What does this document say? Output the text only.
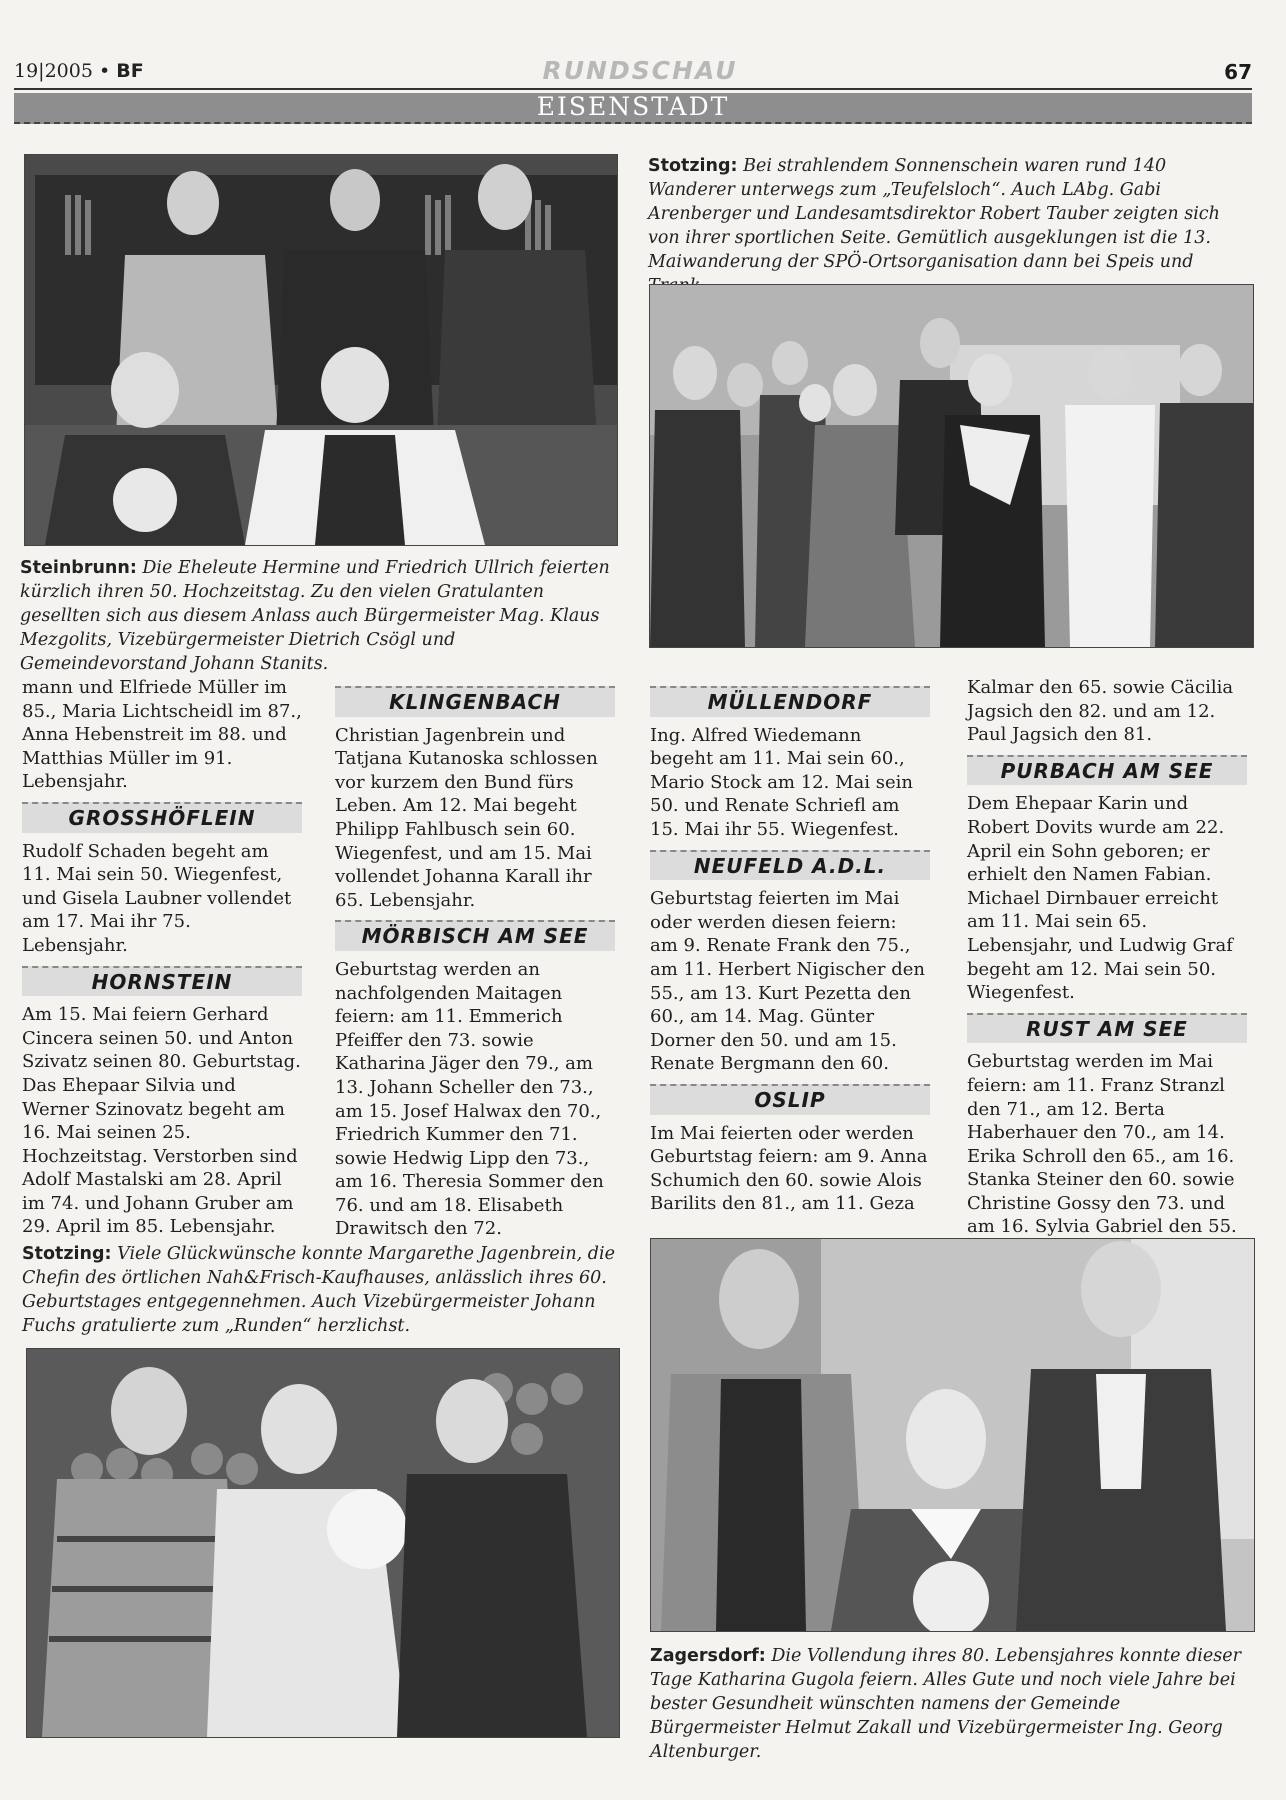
19|2005 • BF	RUNDSCHAU	67
EISENSTADT
Steinbrunn: Die Eheleute Hermine und Friedrich Ullrich feierten kürzlich ihren 50. Hochzeitstag. Zu den vielen Gratulanten gesellten sich aus diesem Anlass auch Bürgermeister Mag. Klaus Mezgolits, Vizebürgermeister Dietrich Csögl und Gemeindevorstand Johann Stanits.
Stotzing: Bei strahlendem Sonnenschein waren rund 140 Wanderer unterwegs zum „Teufelsloch“. Auch LAbg. Gabi Arenberger und Landesamtsdirektor Robert Tauber zeigten sich von ihrer sportlichen Seite. Gemütlich ausgeklungen ist die 13. Maiwanderung der SPÖ-Ortsorganisation dann bei Speis und

mann und Elfriede Müller im 85., Maria Lichtscheidl im 87., Anna Hebenstreit im 88. und Matthias Müller im 91. Lebensjahr.

GROSSHÖFLEIN

Rudolf Schaden begeht am 11. Mai sein 50. Wiegenfest, und Gisela Laubner vollendet am 17. Mai ihr 75. Lebensjahr.

HORNSTEIN

Am 15. Mai feiern Gerhard Cincera seinen 50. und Anton Szivatz seinen 80. Geburtstag. Das Ehepaar Silvia und Werner Szinovatz begeht am 16. Mai seinen 25. Hochzeitstag. Verstorben sind Adolf Mastalski am 28. April im 74. und Johann Gruber am 29. April im 85. Lebensjahr.

KLINGENBACH

Christian Jagenbrein und Tatjana Kutanoska schlossen vor kurzem den Bund fürs Leben. Am 12. Mai begeht Philipp Fahlbusch sein 60. Wiegenfest, und am 15. Mai vollendet Johanna Karall ihr 65. Lebensjahr.

MÖRBISCH AM SEE

Geburtstag werden an nachfolgenden Maitagen feiern: am 11. Emmerich Pfeiffer den 73. sowie Katharina Jäger den 79., am 13. Johann Scheller den 73., am 15. Josef Halwax den 70., Friedrich Kummer den 71. sowie Hedwig Lipp den 73., am 16. Theresia Sommer den 76. und am 18. Elisabeth Drawitsch den 72.

MÜLLENDORF

Ing. Alfred Wiedemann begeht am 11. Mai sein 60., Mario Stock am 12. Mai sein 50. und Renate Schriefl am 15. Mai ihr 55. Wiegenfest.

NEUFELD A.D.L.

Geburtstag feierten im Mai oder werden diesen feiern: am 9. Renate Frank den 75., am 11. Herbert Nigischer den 55., am 13. Kurt Pezetta den 60., am 14. Mag. Günter Dorner den 50. und am 15. Renate Bergmann den 60.

OSLIP

Im Mai feierten oder werden Geburtstag feiern: am 9. Anna Schumich den 60. sowie Alois Barilits den 81., am 11. Geza

Kalmar den 65. sowie Cäcilia Jagsich den 82. und am 12. Paul Jagsich den 81.

PURBACH AM SEE

Dem Ehepaar Karin und Robert Dovits wurde am 22. April ein Sohn geboren; er erhielt den Namen Fabian. Michael Dirnbauer erreicht am 11. Mai sein 65. Lebensjahr, und Ludwig Graf begeht am 12. Mai sein 50. Wiegenfest.

RUST AM SEE

Geburtstag werden im Mai feiern: am 11. Franz Stranzl den 71., am 12. Berta Haberhauer den 70., am 14. Erika Schroll den 65., am 16. Stanka Steiner den 60. sowie Christine Gossy den 73. und am 16. Sylvia Gabriel den 55.

Stotzing: Viele Glückwünsche konnte Margarethe Jagenbrein, die Chefin des örtlichen Nah&Frisch-Kaufhauses, anlässlich ihres 60. Geburtstages entgegennehmen. Auch Vizebürgermeister Johann Fuchs gratulierte zum „Runden“ herzlichst.
Zagersdorf: Die Vollendung ihres 80. Lebensjahres konnte dieser Tage Katharina Gugola feiern. Alles Gute und noch viele Jahre bei bester Gesundheit wünschten namens der Gemeinde Bürgermeister Helmut Zakall und Vizebürgermeister Ing. Georg Altenburger.
